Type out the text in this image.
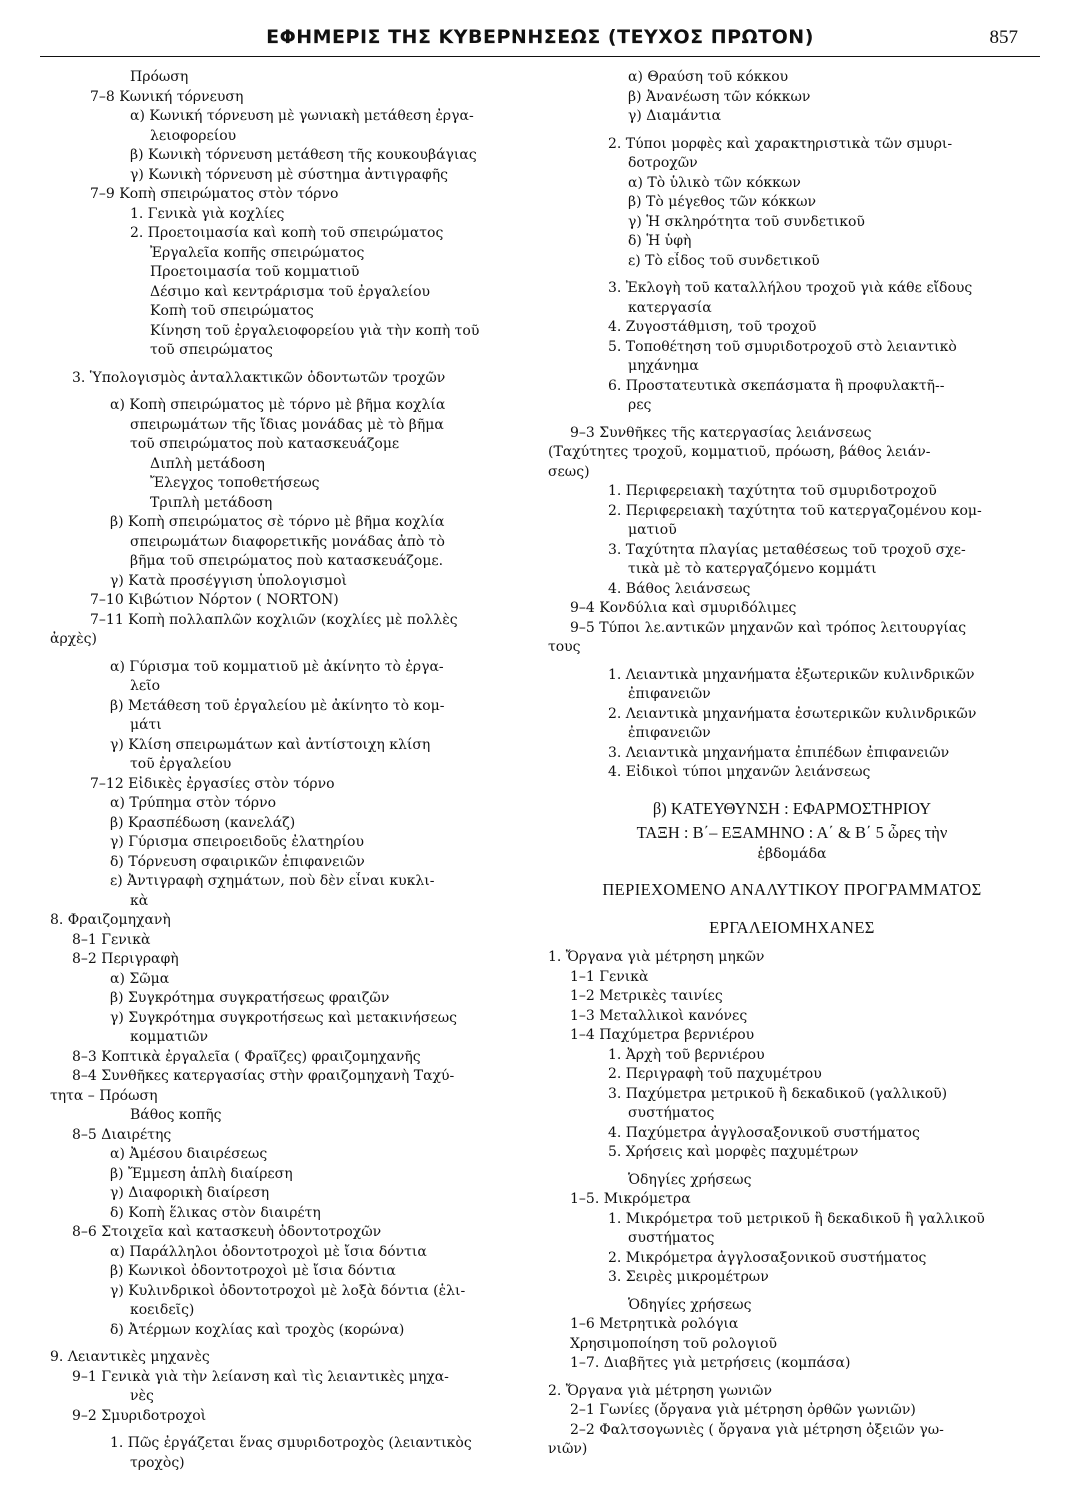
ΕΦΗΜΕΡΙΣ ΤΗΣ ΚΥΒΕΡΝΗΣΕΩΣ (ΤΕΥΧΟΣ ΠΡΩΤΟΝ)	857
Πρόωση
7–8 Κωνική τόρνευση
α) Κωνική τόρνευση μὲ γωνιακὴ μετάθεση ἐργα-
λειοφορείου
β) Κωνικὴ τόρνευση μετάθεση τῆς κουκουβάγιας
γ) Κωνικὴ τόρνευση μὲ σύστημα ἀντιγραφῆς
7–9 Κοπὴ σπειρώματος στὸν τόρνο
1. Γενικὰ γιὰ κοχλίες
2. Προετοιμασία καὶ κοπὴ τοῦ σπειρώματος
Ἐργαλεῖα κοπῆς σπειρώματος
Προετοιμασία τοῦ κομματιοῦ
Δέσιμο καὶ κεντράρισμα τοῦ ἐργαλείου
Κοπὴ τοῦ σπειρώματος
Κίνηση τοῦ ἐργαλειοφορείου γιὰ τὴν κοπὴ τοῦ
τοῦ σπειρώματος
3. Ὑπολογισμὸς ἀνταλλακτικῶν ὀδοντωτῶν τροχῶν
α) Κοπὴ σπειρώματος μὲ τόρνο μὲ βῆμα κοχλία
σπειρωμάτων τῆς ἴδιας μονάδας μὲ τὸ βῆμα
τοῦ σπειρώματος ποὺ κατασκευάζομε
Διπλὴ μετάδοση
Ἔλεγχος τοποθετήσεως
Τριπλὴ μετάδοση
β) Κοπὴ σπειρώματος σὲ τόρνο μὲ βῆμα κοχλία
σπειρωμάτων διαφορετικῆς μονάδας ἀπὸ τὸ
βῆμα τοῦ σπειρώματος ποὺ κατασκευάζομε.
γ) Κατὰ προσέγγιση ὑπολογισμοὶ
7–10 Κιβώτιον Νόρτον ( NORTON)
7–11 Κοπὴ πολλαπλῶν κοχλιῶν (κοχλίες μὲ πολλὲς
ἀρχὲς)
α) Γύρισμα τοῦ κομματιοῦ μὲ ἀκίνητο τὸ ἐργα-
λεῖο
β) Μετάθεση τοῦ ἐργαλείου μὲ ἀκίνητο τὸ κομ-
μάτι
γ) Κλίση σπειρωμάτων καὶ ἀντίστοιχη κλίση
τοῦ ἐργαλείου
7–12 Εἰδικὲς ἐργασίες στὸν τόρνο
α) Τρύπημα στὸν τόρνο
β) Κρασπέδωση (κανελάζ)
γ) Γύρισμα σπειροειδοῦς ἐλατηρίου
δ) Τόρνευση σφαιρικῶν ἐπιφανειῶν
ε) Ἀντιγραφὴ σχημάτων, ποὺ δὲν εἶναι κυκλι-
κὰ
8. Φραιζομηχανὴ
8–1 Γενικὰ
8–2 Περιγραφὴ
α) Σῶμα
β) Συγκρότημα συγκρατήσεως φραιζῶν
γ) Συγκρότημα συγκροτήσεως καὶ μετακινήσεως
κομματιῶν
8–3 Κοπτικὰ ἐργαλεῖα ( Φραῖζες) φραιζομηχανῆς
8–4 Συνθῆκες κατεργασίας στὴν φραιζομηχανὴ Ταχύ-
τητα – Πρόωση
Βάθος κοπῆς
8–5 Διαιρέτης
α) Ἀμέσου διαιρέσεως
β) Ἔμμεση ἁπλὴ διαίρεση
γ) Διαφορικὴ διαίρεση
δ) Κοπὴ ἕλικας στὸν διαιρέτη
8–6 Στοιχεῖα καὶ κατασκευὴ ὀδοντοτροχῶν
α) Παράλληλοι ὀδοντοτροχοὶ μὲ ἴσια δόντια
β) Κωνικοὶ ὀδοντοτροχοὶ μὲ ἴσια δόντια
γ) Κυλινδρικοὶ ὀδοντοτροχοὶ μὲ λοξὰ δόντια (ἑλι-
κοειδεῖς)
δ) Ἀτέρμων κοχλίας καὶ τροχὸς (κορώνα)
9. Λειαντικὲς μηχανὲς
9–1 Γενικὰ γιὰ τὴν λείανση καὶ τὶς λειαντικὲς μηχα-
νὲς
9–2 Σμυριδοτροχοὶ
1. Πῶς ἐργάζεται ἕνας σμυριδοτροχὸς (λειαντικὸς
τροχὸς)
α) Θραύση τοῦ κόκκου
β) Ἀνανέωση τῶν κόκκων
γ) Διαμάντια
2. Τύποι μορφὲς καὶ χαρακτηριστικὰ τῶν σμυρι-
δοτροχῶν
α) Τὸ ὑλικὸ τῶν κόκκων
β) Τὸ μέγεθος τῶν κόκκων
γ) Ἡ σκληρότητα τοῦ συνδετικοῦ
δ) Ἡ ὑφὴ
ε) Τὸ εἶδος τοῦ συνδετικοῦ
3. Ἐκλογὴ τοῦ καταλλήλου τροχοῦ γιὰ κάθε εἴδους
κατεργασία
4. Ζυγοστάθμιση, τοῦ τροχοῦ
5. Τοποθέτηση τοῦ σμυριδοτροχοῦ στὸ λειαντικὸ
μηχάνημα
6. Προστατευτικὰ σκεπάσματα ἢ προφυλακτῆ--
ρες
9–3 Συνθῆκες τῆς κατεργασίας λειάνσεως
(Ταχύτητες τροχοῦ, κομματιοῦ, πρόωση, βάθος λειάν-
σεως)
1. Περιφερειακὴ ταχύτητα τοῦ σμυριδοτροχοῦ
2. Περιφερειακὴ ταχύτητα τοῦ κατεργαζομένου κομ-
ματιοῦ
3. Ταχύτητα πλαγίας μεταθέσεως τοῦ τροχοῦ σχε-
τικὰ μὲ τὸ κατεργαζόμενο κομμάτι
4. Βάθος λειάνσεως
9–4 Κονδύλια καὶ σμυριδόλιμες
9–5 Τύποι λε.αντικῶν μηχανῶν καὶ τρόπος λειτουργίας
τους
1. Λειαντικὰ μηχανήματα ἐξωτερικῶν κυλινδρικῶν
ἐπιφανειῶν
2. Λειαντικὰ μηχανήματα ἐσωτερικῶν κυλινδρικῶν
ἐπιφανειῶν
3. Λειαντικὰ μηχανήματα ἐπιπέδων ἐπιφανειῶν
4. Εἰδικοὶ τύποι μηχανῶν λειάνσεως
β) ΚΑΤΕΥΘΥΝΣΗ : ΕΦΑΡΜΟΣΤΗΡΙΟΥ
ΤΑΞΗ : Β΄– ΕΞΑΜΗΝΟ : Α΄ & Β΄ 5 ὧρες τὴν
ἑβδομάδα
ΠΕΡΙΕΧΟΜΕΝΟ ΑΝΑΛΥΤΙΚΟΥ ΠΡΟΓΡΑΜΜΑΤΟΣ
ΕΡΓΑΛΕΙΟΜΗΧΑΝΕΣ
1. Ὄργανα γιὰ μέτρηση μηκῶν
1–1 Γενικὰ
1–2 Μετρικὲς ταινίες
1–3 Μεταλλικοὶ κανόνες
1–4 Παχύμετρα βερνιέρου
1. Ἀρχὴ τοῦ βερνιέρου
2. Περιγραφὴ τοῦ παχυμέτρου
3. Παχύμετρα μετρικοῦ ἢ δεκαδικοῦ (γαλλικοῦ)
συστήματος
4. Παχύμετρα ἀγγλοσαξονικοῦ συστήματος
5. Χρήσεις καὶ μορφὲς παχυμέτρων
Ὁδηγίες χρήσεως
1–5. Μικρόμετρα
1. Μικρόμετρα τοῦ μετρικοῦ ἢ δεκαδικοῦ ἢ γαλλικοῦ
συστήματος
2. Μικρόμετρα ἀγγλοσαξονικοῦ συστήματος
3. Σειρὲς μικρομέτρων
Ὁδηγίες χρήσεως
1–6 Μετρητικὰ ρολόγια
Χρησιμοποίηση τοῦ ρολογιοῦ
1–7. Διαβῆτες γιὰ μετρήσεις (κομπάσα)
2. Ὄργανα γιὰ μέτρηση γωνιῶν
2–1 Γωνίες (ὄργανα γιὰ μέτρηση ὀρθῶν γωνιῶν)
2–2 Φαλτσογωνιὲς ( ὄργανα γιὰ μέτρηση ὀξειῶν γω-
νιῶν)
